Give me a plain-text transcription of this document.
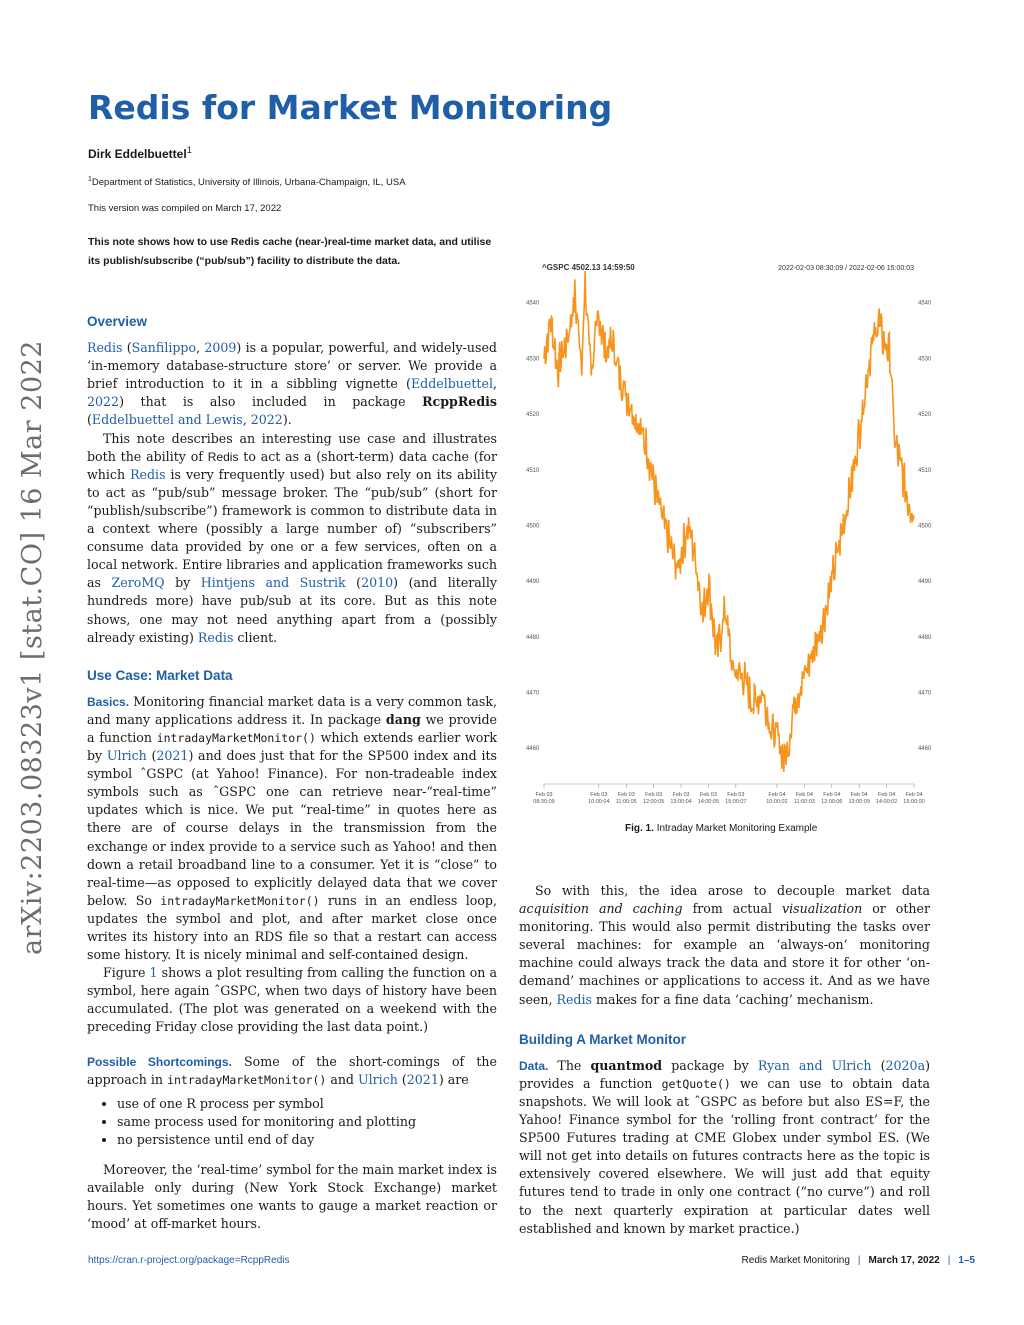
Redis for Market Monitoring
Dirk Eddelbuettel$^1$
$^1$Department of Statistics, University of Illinois, Urbana-Champaign, IL, USA
This version was compiled on March 17, 2022
This note shows how to use Redis cache (near-)real-time market data, and utilise its publish/subscribe (“pub/sub”) facility to distribute the data.
arXiv:2203.08323v1 [stat.CO] 16 Mar 2022
Overview

Redis (Sanfilippo, 2009) is a popular, powerful, and widely-used ‘in-memory database-structure store’ or server. We provide a brief introduction to it in a sibbling vignette (Eddelbuettel, 2022) that is also included in package RcppRedis (Eddelbuettel and Lewis, 2022).

This note describes an interesting use case and illustrates both the ability of Redis to act as a (short-term) data cache (for which Redis is very frequently used) but also rely on its ability to act as “pub/sub” message broker. The “pub/sub” (short for “publish/subscribe”) framework is common to distribute data in a context where (possibly a large number of) “subscribers” consume data provided by one or a few services, often on a local network. Entire libraries and application frameworks such as ZeroMQ by Hintjens and Sustrik (2010) (and literally hundreds more) have pub/sub at its core. But as this note shows, one may not need anything apart from a (possibly already existing) Redis client.

Use Case: Market Data

Basics. Monitoring financial market data is a very common task, and many applications address it. In package dang we provide a function intradayMarketMonitor() which extends earlier work by Ulrich (2021) and does just that for the SP500 index and its symbol ˆGSPC (at Yahoo! Finance). For non-tradeable index symbols such as ˆGSPC one can retrieve near-“real-time” updates which is nice. We put “real-time” in quotes here as there are of course delays in the transmission from the exchange or index provide to a service such as Yahoo! and then down a retail broadband line to a consumer. Yet it is “close” to real-time—as opposed to explicitly delayed data that we cover below. So intradayMarketMonitor() runs in an endless loop, updates the symbol and plot, and after market close once writes its history into an RDS file so that a restart can access some history. It is nicely minimal and self-contained design.

Figure 1 shows a plot resulting from calling the function on a symbol, here again ˆGSPC, when two days of history have been accumulated. (The plot was generated on a weekend with the preceding Friday close providing the last data point.)

Possible Shortcomings. Some of the short-comings of the approach in intradayMarketMonitor() and Ulrich (2021) are

• use of one R process per symbol
• same process used for monitoring and plotting
• no persistence until end of day

Moreover, the ‘real-time’ symbol for the main market index is available only during (New York Stock Exchange) market hours. Yet sometimes one wants to gauge a market reaction or ‘mood’ at off-market hours.

^GSPC 4502.13 14:59:50	2022-02-03 08:30:09 / 2022-02-06 15:00:03
4540
4530
4520
4510
4500
4490
4480
4470
4460
4540
4530
4520
4510
4500
4490
4480
4470
4460
Feb 03
08:30:09
Feb 03
10:00:04
Feb 03
11:00:05
Feb 03
12:00:05
Feb 03
13:00:04
Feb 03
14:00:05
Feb 03
15:00:07
Feb 04
10:00:02
Feb 04
11:00:03
Feb 04
12:00:06
Feb 04
13:00:09
Feb 04
14:00:02
Feb 04
15:00:00
Fig. 1. Intraday Market Monitoring Example

So with this, the idea arose to decouple market data acquisition and caching from actual visualization or other monitoring. This would also permit distributing the tasks over several machines: for example an ‘always-on’ monitoring machine could always track the data and store it for other ‘on-demand’ machines or applications to access it. And as we have seen, Redis makes for a fine data ‘caching’ mechanism.

Building A Market Monitor

Data. The quantmod package by Ryan and Ulrich (2020a) provides a function getQuote() we can use to obtain data snapshots. We will look at ˆGSPC as before but also ES=F, the Yahoo! Finance symbol for the ‘rolling front contract’ for the SP500 Futures trading at CME Globex under symbol ES. (We will not get into details on futures contracts here as the topic is extensively covered elsewhere. We will just add that equity futures tend to trade in only one contract (“no curve”) and roll to the next quarterly expiration at particular dates well established and known by market practice.)

https://cran.r-project.org/package=RcppRedis	Redis Market Monitoring | March 17, 2022 | 1–5
